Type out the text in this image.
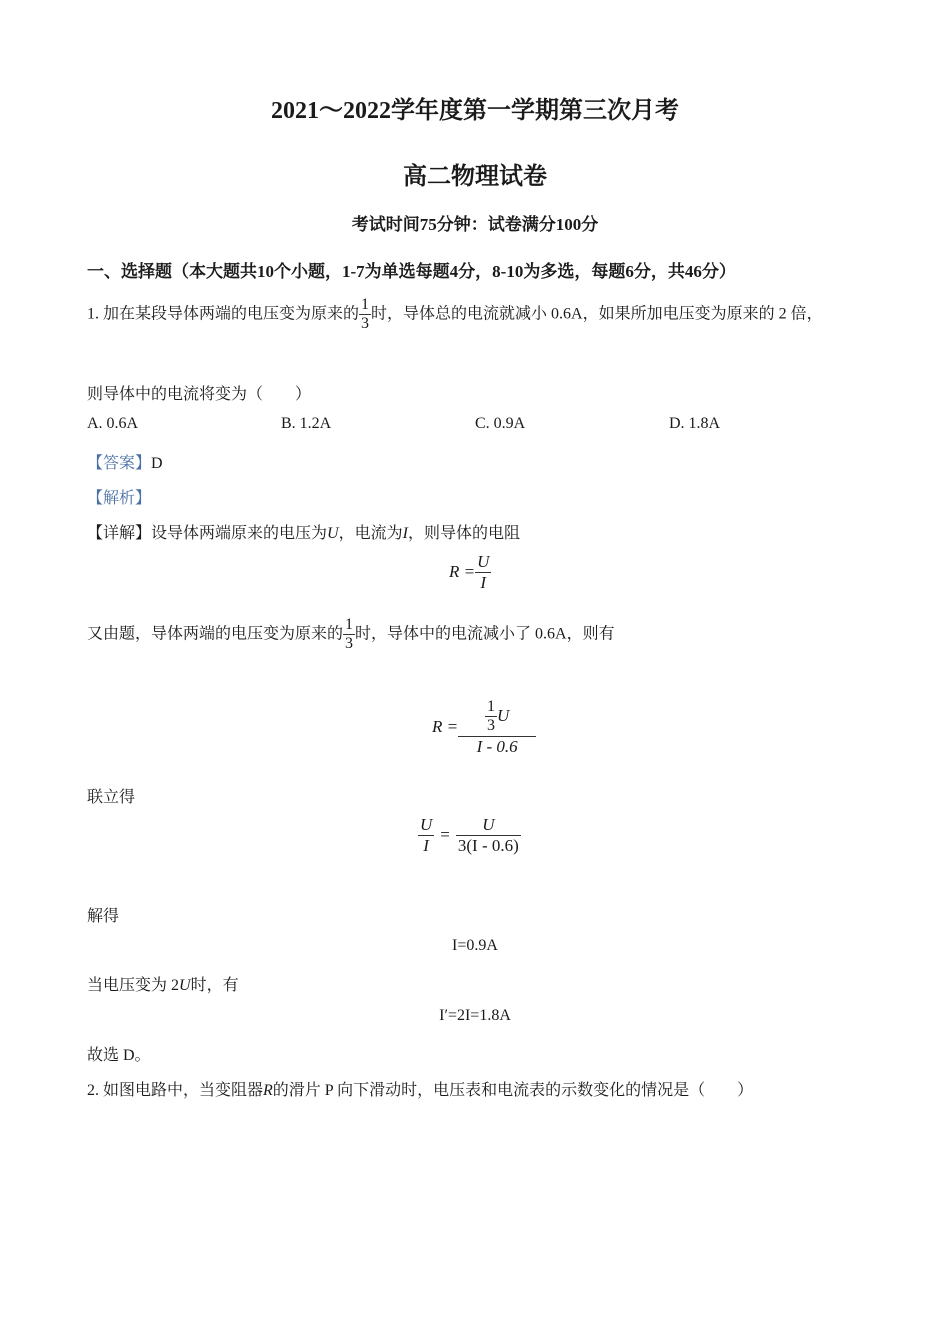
2021～2022学年度第一学期第三次月考
高二物理试卷
考试时间75分钟：试卷满分100分
一、选择题（本大题共10个小题，1-7为单选每题4分，8-10为多选，每题6分，共46分）
1. 加在某段导体两端的电压变为原来的 $\frac{1}{3}$ 时，导体总的电流就减小 0.6A，如果所加电压变为原来的 2 倍，
则导体中的电流将变为（　　）
A. 0.6A	B. 1.2A	C. 0.9A	D. 1.8A
【答案】D
【解析】
【详解】设导体两端原来的电压为U，电流为I，则导体的电阻
$R = \frac{U}{I}$
又由题，导体两端的电压变为原来的 $\frac{1}{3}$ 时，导体中的电流减小了 0.6A，则有
$R = \frac{\frac{1}{3} U}{I - 0.6}$
联立得
$\frac{U}{I} = \frac{U}{3(I - 0.6)}$
解得
I=0.9A
当电压变为 2U时，有
I′=2I=1.8A
故选 D。
2. 如图电路中，当变阻器R的滑片 P 向下滑动时，电压表和电流表的示数变化的情况是（　　）
